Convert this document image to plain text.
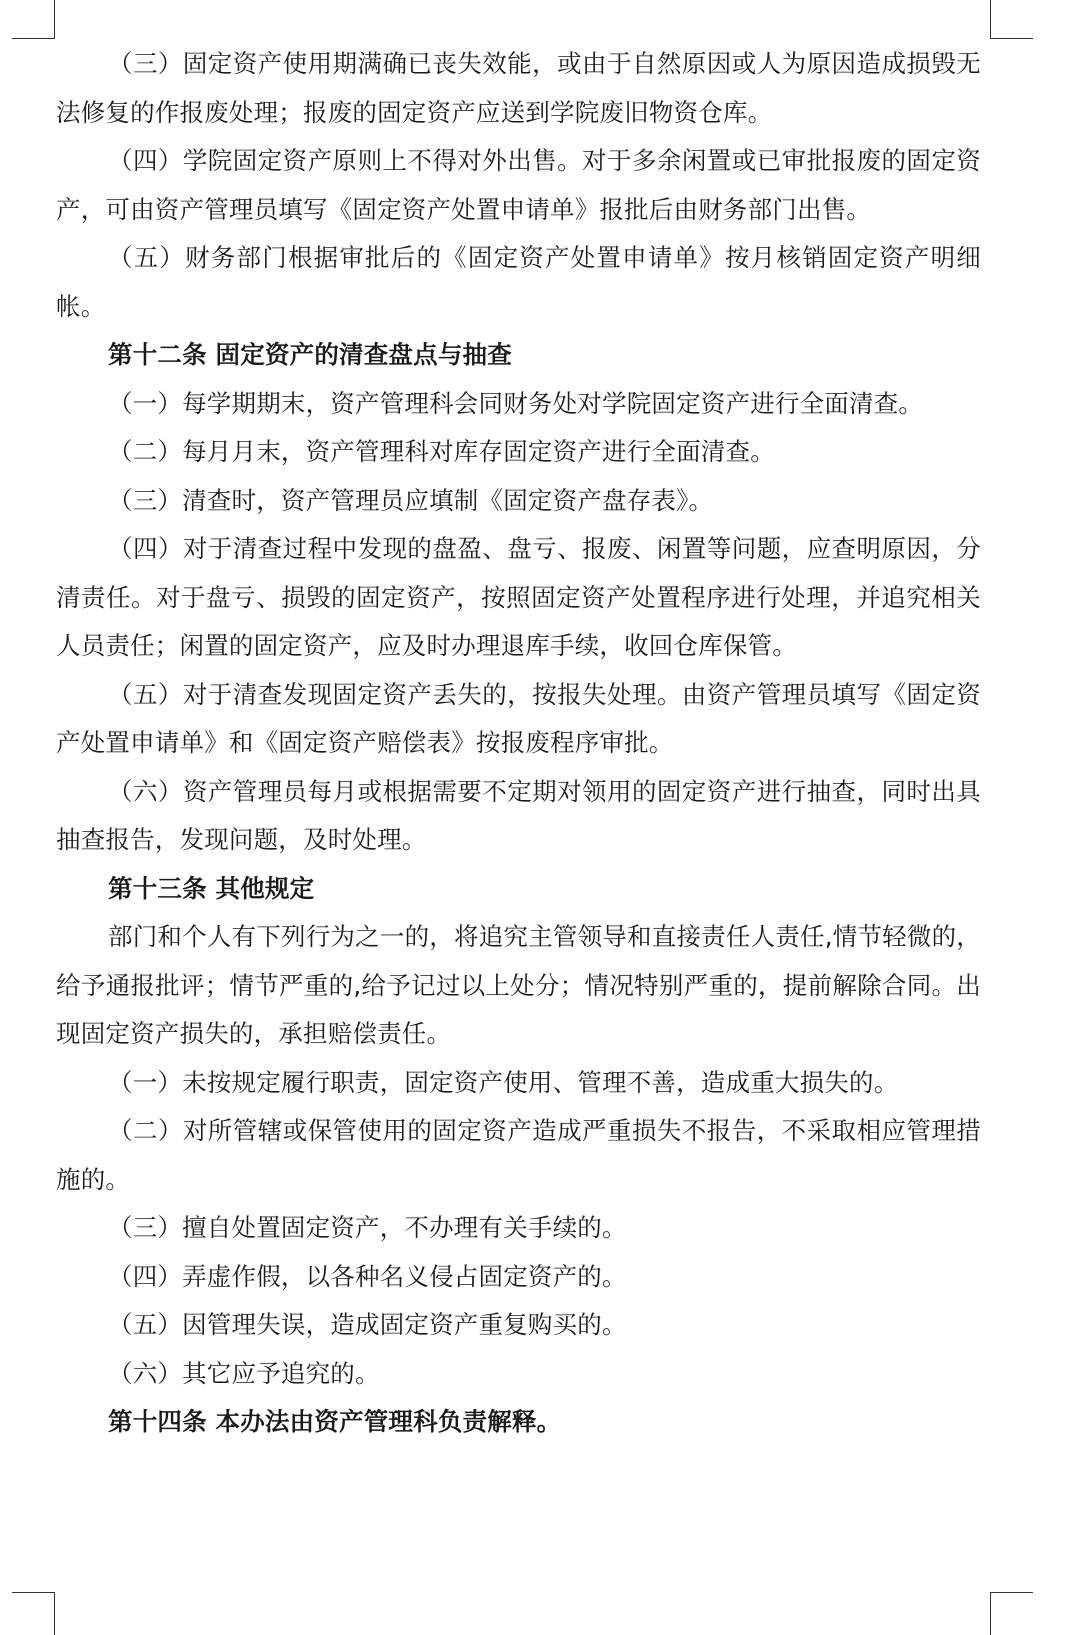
（三）固定资产使用期满确已丧失效能，或由于自然原因或人为原因造成损毁无法修复的作报废处理；报废的固定资产应送到学院废旧物资仓库。

（四）学院固定资产原则上不得对外出售。对于多余闲置或已审批报废的固定资产，可由资产管理员填写《固定资产处置申请单》报批后由财务部门出售。

（五）财务部门根据审批后的《固定资产处置申请单》按月核销固定资产明细帐。

第十二条 固定资产的清查盘点与抽查

（一）每学期期末，资产管理科会同财务处对学院固定资产进行全面清查。

（二）每月月末，资产管理科对库存固定资产进行全面清查。

（三）清查时，资产管理员应填制《固定资产盘存表》。

（四）对于清查过程中发现的盘盈、盘亏、报废、闲置等问题，应查明原因，分清责任。对于盘亏、损毁的固定资产，按照固定资产处置程序进行处理，并追究相关人员责任；闲置的固定资产，应及时办理退库手续，收回仓库保管。

（五）对于清查发现固定资产丢失的，按报失处理。由资产管理员填写《固定资产处置申请单》和《固定资产赔偿表》按报废程序审批。

（六）资产管理员每月或根据需要不定期对领用的固定资产进行抽查，同时出具抽查报告，发现问题，及时处理。

第十三条 其他规定

部门和个人有下列行为之一的，将追究主管领导和直接责任人责任,情节轻微的，给予通报批评；情节严重的,给予记过以上处分；情况特别严重的，提前解除合同。出现固定资产损失的，承担赔偿责任。

（一）未按规定履行职责，固定资产使用、管理不善，造成重大损失的。

（二）对所管辖或保管使用的固定资产造成严重损失不报告，不采取相应管理措施的。

（三）擅自处置固定资产，不办理有关手续的。

（四）弄虚作假，以各种名义侵占固定资产的。

（五）因管理失误，造成固定资产重复购买的。

（六）其它应予追究的。

第十四条 本办法由资产管理科负责解释。
